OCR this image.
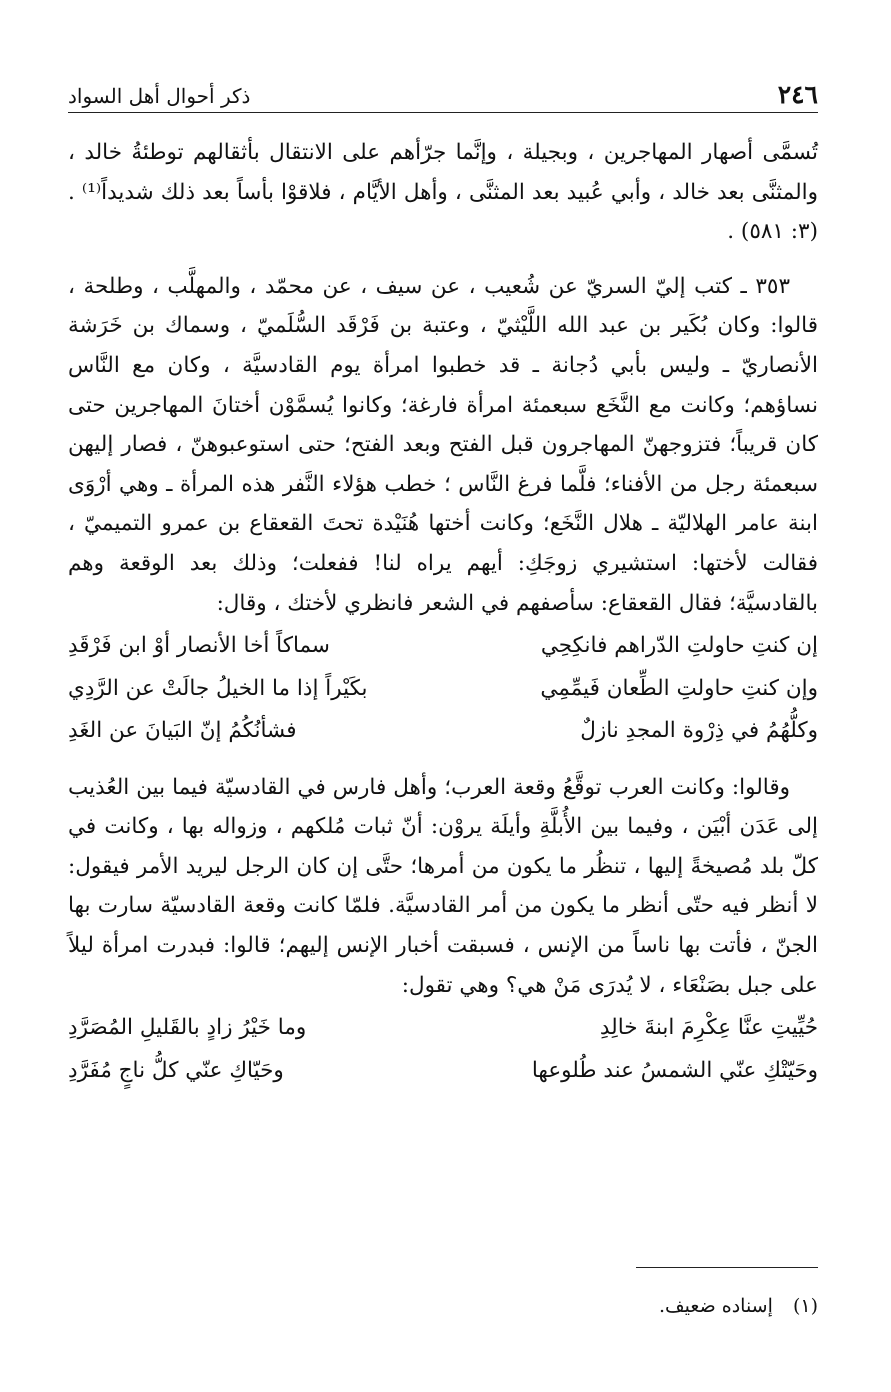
٢٤٦
ذكر أحوال أهل السواد

تُسمَّى أصهار المهاجرين ، وبجيلة ، وإنَّما جرّأهم على الانتقال بأثقالهم توطئةُ خالد ، والمثنَّى بعد خالد ، وأبي عُبيد بعد المثنَّى ، وأهل الأيَّام ، فلاقوْا بأساً بعد ذلك شديداً⁽¹⁾ . (٣: ٥٨١) .

٣٥٣ ـ كتب إليّ السريّ عن شُعيب ، عن سيف ، عن محمّد ، والمهلَّب ، وطلحة ، قالوا: وكان بُكَير بن عبد الله اللَّيْثيّ ، وعتبة بن فَرْقَد السُّلَميّ ، وسماك بن خَرَشة الأنصاريّ ـ وليس بأبي دُجانة ـ قد خطبوا امرأة يوم القادسيَّة ، وكان مع النَّاس نساؤهم؛ وكانت مع النَّخَع سبعمئة امرأة فارغة؛ وكانوا يُسمَّوْن أختانَ المهاجرين حتى كان قريباً؛ فتزوجهنّ المهاجرون قبل الفتح وبعد الفتح؛ حتى استوعبوهنّ ، فصار إليهن سبعمئة رجل من الأفناء؛ فلَّما فرغ النَّاس ؛ خطب هؤلاء النَّفر هذه المرأة ـ وهي أرْوَى ابنة عامر الهلاليّة ـ هلال النَّخَع؛ وكانت أختها هُنَيْدة تحتَ القعقاع بن عمرو التميميّ ، فقالت لأختها: استشيري زوجَكِ: أيهم يراه لنا! ففعلت؛ وذلك بعد الوقعة وهم بالقادسيَّة؛ فقال القعقاع: سأصفهم في الشعر فانظري لأختك ، وقال:

إن كنتِ حاولتِ الدّراهم فانكِحِي
سماكاً أخا الأنصار أوْ ابن فَرْقَدِ
وإن كنتِ حاولتِ الطِّعان فَيمِّمِي
بكَيْراً إذا ما الخيلُ جالَتْ عن الرَّدِي
وكلُّهُمُ في ذِرْوة المجدِ نازلٌ
فشأنُكُمُ إنّ البَيانَ عن الغَدِ

وقالوا: وكانت العرب توقَّعُ وقعة العرب؛ وأهل فارس في القادسيّة فيما بين العُذيب إلى عَدَن أبْيَن ، وفيما بين الأُبلَّةِ وأيلَة يروْن: أنّ ثبات مُلكهم ، وزواله بها ، وكانت في كلّ بلد مُصيخةً إليها ، تنظُر ما يكون من أمرها؛ حتَّى إن كان الرجل ليريد الأمر فيقول: لا أنظر فيه حتّى أنظر ما يكون من أمر القادسيَّة. فلمّا كانت وقعة القادسيّة سارت بها الجنّ ، فأتت بها ناساً من الإنس ، فسبقت أخبار الإنس إليهم؛ قالوا: فبدرت امرأة ليلاً على جبل بصَنْعَاء ، لا يُدرَى مَنْ هي؟ وهي تقول:

حُيِّيتِ عنَّا عِكْرِمَ ابنةَ خالِدِ
وما خَيْرُ زادٍ بالقَليلِ المُصَرَّدِ
وحَيّتْكِ عنّي الشمسُ عند طُلوعها
وحَيّاكِ عنّي كلُّ ناجٍ مُفَرَّدِ
(١) إسناده ضعيف.
